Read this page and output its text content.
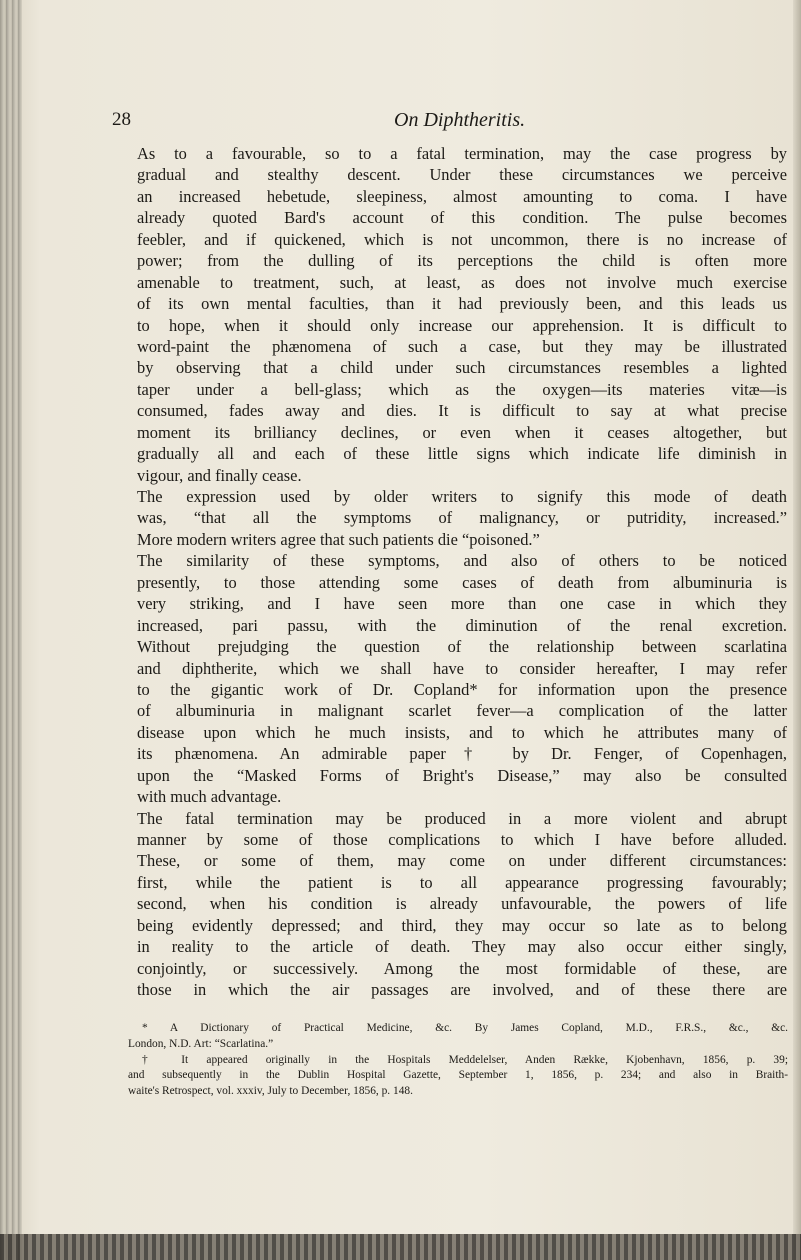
28	On Diphtheritis.
As to a favourable, so to a fatal termination, may the case progress by
gradual and stealthy descent. Under these circumstances we perceive
an increased hebetude, sleepiness, almost amounting to coma. I have
already quoted Bard's account of this condition. The pulse becomes
feebler, and if quickened, which is not uncommon, there is no increase of
power; from the dulling of its perceptions the child is often more
amenable to treatment, such, at least, as does not involve much exercise
of its own mental faculties, than it had previously been, and this leads us
to hope, when it should only increase our apprehension. It is difficult to
word-paint the phænomena of such a case, but they may be illustrated
by observing that a child under such circumstances resembles a lighted
taper under a bell-glass; which as the oxygen—its materies vitæ—is
consumed, fades away and dies. It is difficult to say at what precise
moment its brilliancy declines, or even when it ceases altogether, but
gradually all and each of these little signs which indicate life diminish in
vigour, and finally cease.
The expression used by older writers to signify this mode of death
was, “that all the symptoms of malignancy, or putridity, increased.”
More modern writers agree that such patients die “poisoned.”
The similarity of these symptoms, and also of others to be noticed
presently, to those attending some cases of death from albuminuria is
very striking, and I have seen more than one case in which they
increased, pari passu, with the diminution of the renal excretion.
Without prejudging the question of the relationship between scarlatina
and diphtherite, which we shall have to consider hereafter, I may refer
to the gigantic work of Dr. Copland* for information upon the presence
of albuminuria in malignant scarlet fever—a complication of the latter
disease upon which he much insists, and to which he attributes many of
its phænomena. An admirable paper† by Dr. Fenger, of Copenhagen,
upon the “Masked Forms of Bright's Disease,” may also be consulted
with much advantage.
The fatal termination may be produced in a more violent and abrupt
manner by some of those complications to which I have before alluded.
These, or some of them, may come on under different circumstances:
first, while the patient is to all appearance progressing favourably;
second, when his condition is already unfavourable, the powers of life
being evidently depressed; and third, they may occur so late as to belong
in reality to the article of death. They may also occur either singly,
conjointly, or successively. Among the most formidable of these, are
those in which the air passages are involved, and of these there are
* A Dictionary of Practical Medicine, &c. By James Copland, M.D., F.R.S., &c., &c.
London, N.D. Art: “Scarlatina.”
† It appeared originally in the Hospitals Meddelelser, Anden Række, Kjobenhavn, 1856, p. 39;
and subsequently in the Dublin Hospital Gazette, September 1, 1856, p. 234; and also in Braith-
waite's Retrospect, vol. xxxiv, July to December, 1856, p. 148.
